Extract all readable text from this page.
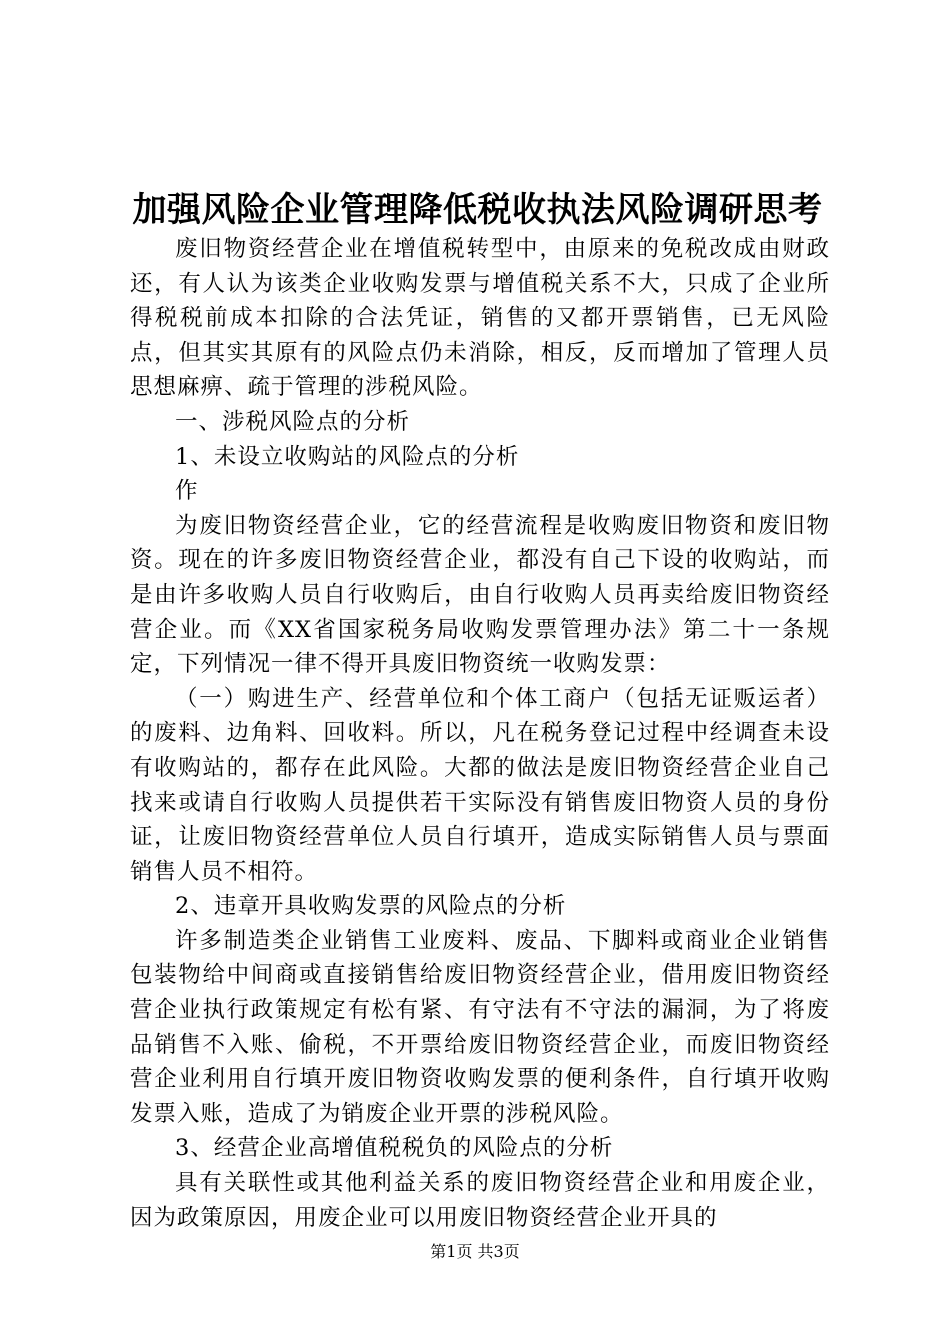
加强风险企业管理降低税收执法风险调研思考

废旧物资经营企业在增值税转型中，由原来的免税改成由财政还，有人认为该类企业收购发票与增值税关系不大，只成了企业所得税税前成本扣除的合法凭证，销售的又都开票销售，已无风险点，但其实其原有的风险点仍未消除，相反，反而增加了管理人员思想麻痹、疏于管理的涉税风险。

一、涉税风险点的分析

1、未设立收购站的风险点的分析

作

为废旧物资经营企业，它的经营流程是收购废旧物资和废旧物资。现在的许多废旧物资经营企业，都没有自己下设的收购站，而是由许多收购人员自行收购后，由自行收购人员再卖给废旧物资经营企业。而《XX省国家税务局收购发票管理办法》第二十一条规定，下列情况一律不得开具废旧物资统一收购发票：

（一）购进生产、经营单位和个体工商户（包括无证贩运者）的废料、边角料、回收料。所以，凡在税务登记过程中经调查未设有收购站的，都存在此风险。大都的做法是废旧物资经营企业自己找来或请自行收购人员提供若干实际没有销售废旧物资人员的身份证，让废旧物资经营单位人员自行填开，造成实际销售人员与票面销售人员不相符。

2、违章开具收购发票的风险点的分析

许多制造类企业销售工业废料、废品、下脚料或商业企业销售包装物给中间商或直接销售给废旧物资经营企业，借用废旧物资经营企业执行政策规定有松有紧、有守法有不守法的漏洞，为了将废品销售不入账、偷税，不开票给废旧物资经营企业，而废旧物资经营企业利用自行填开废旧物资收购发票的便利条件，自行填开收购发票入账，造成了为销废企业开票的涉税风险。

3、经营企业高增值税税负的风险点的分析

具有关联性或其他利益关系的废旧物资经营企业和用废企业，因为政策原因，用废企业可以用废旧物资经营企业开具的

第1页 共3页
